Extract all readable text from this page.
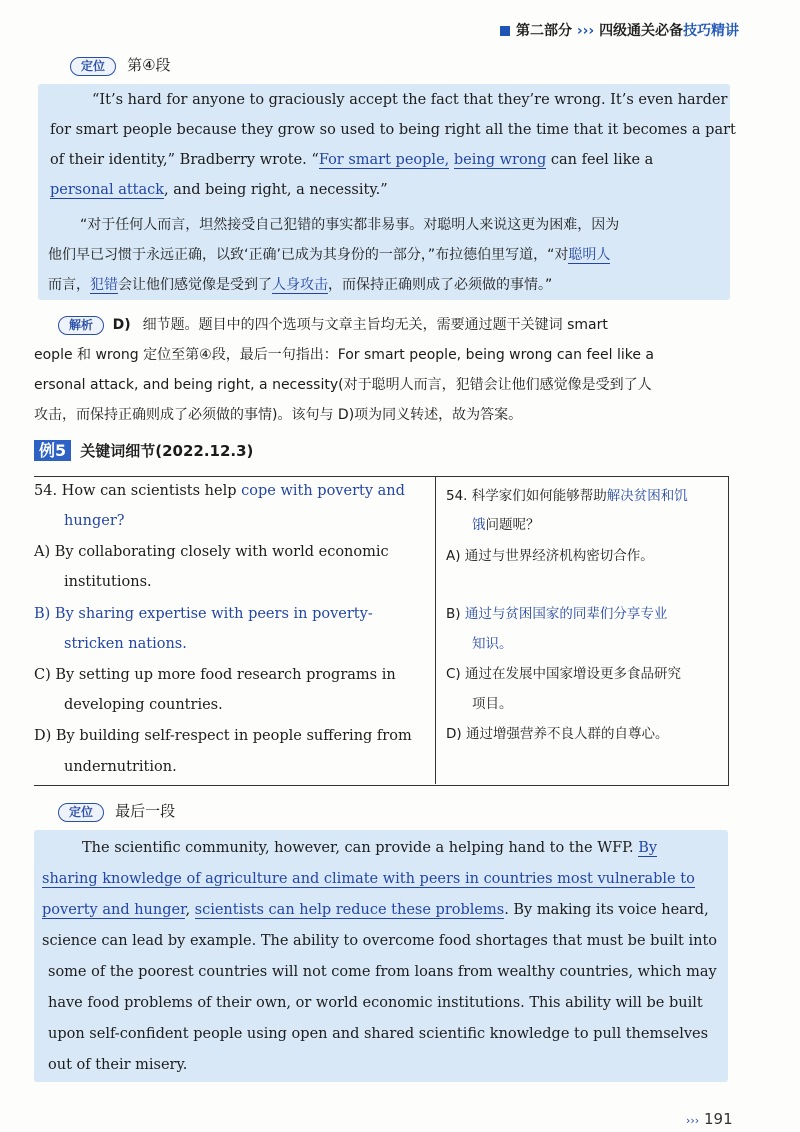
第二部分 ››› 四级通关必备技巧精讲
定位 第④段
“It’s hard for anyone to graciously accept the fact that they’re wrong. It’s even harder
for smart people because they grow so used to being right all the time that it becomes a part
of their identity,” Bradberry wrote. “For smart people, being wrong can feel like a
personal attack, and being right, a necessity.”
“对于任何人而言，坦然接受自己犯错的事实都非易事。对聪明人来说这更为困难，因为
他们早已习惯于永远正确，以致‘正确’已成为其身份的一部分，”布拉德伯里写道，“对聪明人
而言，犯错会让他们感觉像是受到了人身攻击，而保持正确则成了必须做的事情。”
解析 D) 细节题。题目中的四个选项与文章主旨均无关，需要通过题干关键词 smart
eople 和 wrong 定位至第④段，最后一句指出：For smart people, being wrong can feel like a
ersonal attack, and being right, a necessity(对于聪明人而言，犯错会让他们感觉像是受到了人
攻击，而保持正确则成了必须做的事情)。该句与 D)项为同义转述，故为答案。
例5 关键词细节(2022.12.3)
54. How can scientists help cope with poverty and
hunger?
A) By collaborating closely with world economic
institutions.
B) By sharing expertise with peers in poverty-
stricken nations.
C) By setting up more food research programs in
developing countries.
D) By building self-respect in people suffering from
undernutrition.
54. 科学家们如何能够帮助解决贫困和饥
饿问题呢？
A) 通过与世界经济机构密切合作。
B) 通过与贫困国家的同辈们分享专业
知识。
C) 通过在发展中国家增设更多食品研究
项目。
D) 通过增强营养不良人群的自尊心。
定位 最后一段
The scientific community, however, can provide a helping hand to the WFP. By
sharing knowledge of agriculture and climate with peers in countries most vulnerable to
poverty and hunger, scientists can help reduce these problems. By making its voice heard,
science can lead by example. The ability to overcome food shortages that must be built into
some of the poorest countries will not come from loans from wealthy countries, which may
have food problems of their own, or world economic institutions. This ability will be built
upon self-confident people using open and shared scientific knowledge to pull themselves
out of their misery.
››› 191
